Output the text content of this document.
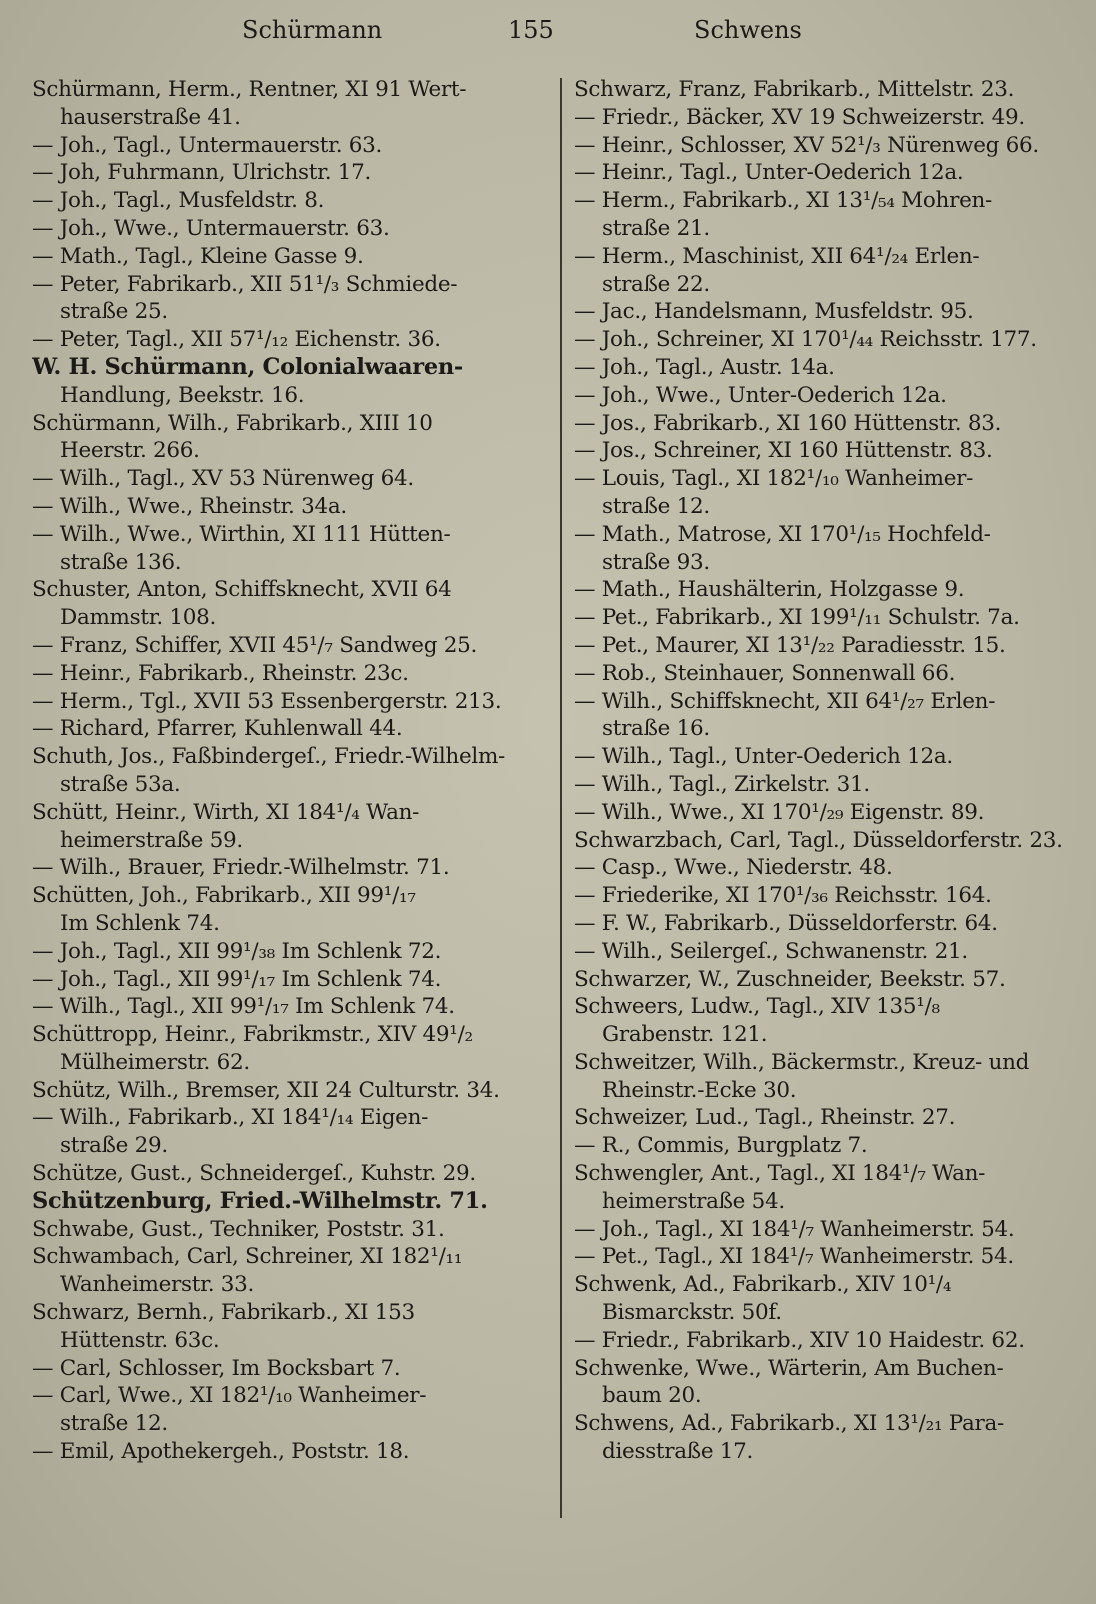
Schürmann	155	Schwens
Schürmann, Herm., Rentner, XI 91 Wert-
hauserstraße 41.
— Joh., Tagl., Untermauerstr. 63.
— Joh, Fuhrmann, Ulrichstr. 17.
— Joh., Tagl., Musfeldstr. 8.
— Joh., Wwe., Untermauerstr. 63.
— Math., Tagl., Kleine Gasse 9.
— Peter, Fabrikarb., XII 51¹/₃ Schmiede-
straße 25.
— Peter, Tagl., XII 57¹/₁₂ Eichenstr. 36.
W. H. Schürmann, Colonialwaaren-
Handlung, Beekstr. 16.
Schürmann, Wilh., Fabrikarb., XIII 10
Heerstr. 266.
— Wilh., Tagl., XV 53 Nürenweg 64.
— Wilh., Wwe., Rheinstr. 34a.
— Wilh., Wwe., Wirthin, XI 111 Hütten-
straße 136.
Schuster, Anton, Schiffsknecht, XVII 64
Dammstr. 108.
— Franz, Schiffer, XVII 45¹/₇ Sandweg 25.
— Heinr., Fabrikarb., Rheinstr. 23c.
— Herm., Tgl., XVII 53 Essenbergerstr. 213.
— Richard, Pfarrer, Kuhlenwall 44.
Schuth, Jos., Faßbindergeſ., Friedr.-Wilhelm-
straße 53a.
Schütt, Heinr., Wirth, XI 184¹/₄ Wan-
heimerstraße 59.
— Wilh., Brauer, Friedr.-Wilhelmstr. 71.
Schütten, Joh., Fabrikarb., XII 99¹/₁₇
Im Schlenk 74.
— Joh., Tagl., XII 99¹/₃₈ Im Schlenk 72.
— Joh., Tagl., XII 99¹/₁₇ Im Schlenk 74.
— Wilh., Tagl., XII 99¹/₁₇ Im Schlenk 74.
Schüttropp, Heinr., Fabrikmstr., XIV 49¹/₂
Mülheimerstr. 62.
Schütz, Wilh., Bremser, XII 24 Culturstr. 34.
— Wilh., Fabrikarb., XI 184¹/₁₄ Eigen-
straße 29.
Schütze, Gust., Schneidergeſ., Kuhstr. 29.
Schützenburg, Fried.-Wilhelmstr. 71.
Schwabe, Gust., Techniker, Poststr. 31.
Schwambach, Carl, Schreiner, XI 182¹/₁₁
Wanheimerstr. 33.
Schwarz, Bernh., Fabrikarb., XI 153
Hüttenstr. 63c.
— Carl, Schlosser, Im Bocksbart 7.
— Carl, Wwe., XI 182¹/₁₀ Wanheimer-
straße 12.
— Emil, Apothekergeh., Poststr. 18.
Schwarz, Franz, Fabrikarb., Mittelstr. 23.
— Friedr., Bäcker, XV 19 Schweizerstr. 49.
— Heinr., Schlosser, XV 52¹/₃ Nürenweg 66.
— Heinr., Tagl., Unter-Oederich 12a.
— Herm., Fabrikarb., XI 13¹/₅₄ Mohren-
straße 21.
— Herm., Maschinist, XII 64¹/₂₄ Erlen-
straße 22.
— Jac., Handelsmann, Musfeldstr. 95.
— Joh., Schreiner, XI 170¹/₄₄ Reichsstr. 177.
— Joh., Tagl., Austr. 14a.
— Joh., Wwe., Unter-Oederich 12a.
— Jos., Fabrikarb., XI 160 Hüttenstr. 83.
— Jos., Schreiner, XI 160 Hüttenstr. 83.
— Louis, Tagl., XI 182¹/₁₀ Wanheimer-
straße 12.
— Math., Matrose, XI 170¹/₁₅ Hochfeld-
straße 93.
— Math., Haushälterin, Holzgasse 9.
— Pet., Fabrikarb., XI 199¹/₁₁ Schulstr. 7a.
— Pet., Maurer, XI 13¹/₂₂ Paradiesstr. 15.
— Rob., Steinhauer, Sonnenwall 66.
— Wilh., Schiffsknecht, XII 64¹/₂₇ Erlen-
straße 16.
— Wilh., Tagl., Unter-Oederich 12a.
— Wilh., Tagl., Zirkelstr. 31.
— Wilh., Wwe., XI 170¹/₂₉ Eigenstr. 89.
Schwarzbach, Carl, Tagl., Düsseldorferstr. 23.
— Casp., Wwe., Niederstr. 48.
— Friederike, XI 170¹/₃₆ Reichsstr. 164.
— F. W., Fabrikarb., Düsseldorferstr. 64.
— Wilh., Seilergeſ., Schwanenstr. 21.
Schwarzer, W., Zuschneider, Beekstr. 57.
Schweers, Ludw., Tagl., XIV 135¹/₈
Grabenstr. 121.
Schweitzer, Wilh., Bäckermstr., Kreuz- und
Rheinstr.-Ecke 30.
Schweizer, Lud., Tagl., Rheinstr. 27.
— R., Commis, Burgplatz 7.
Schwengler, Ant., Tagl., XI 184¹/₇ Wan-
heimerstraße 54.
— Joh., Tagl., XI 184¹/₇ Wanheimerstr. 54.
— Pet., Tagl., XI 184¹/₇ Wanheimerstr. 54.
Schwenk, Ad., Fabrikarb., XIV 10¹/₄
Bismarckstr. 50f.
— Friedr., Fabrikarb., XIV 10 Haidestr. 62.
Schwenke, Wwe., Wärterin, Am Buchen-
baum 20.
Schwens, Ad., Fabrikarb., XI 13¹/₂₁ Para-
diesstraße 17.
